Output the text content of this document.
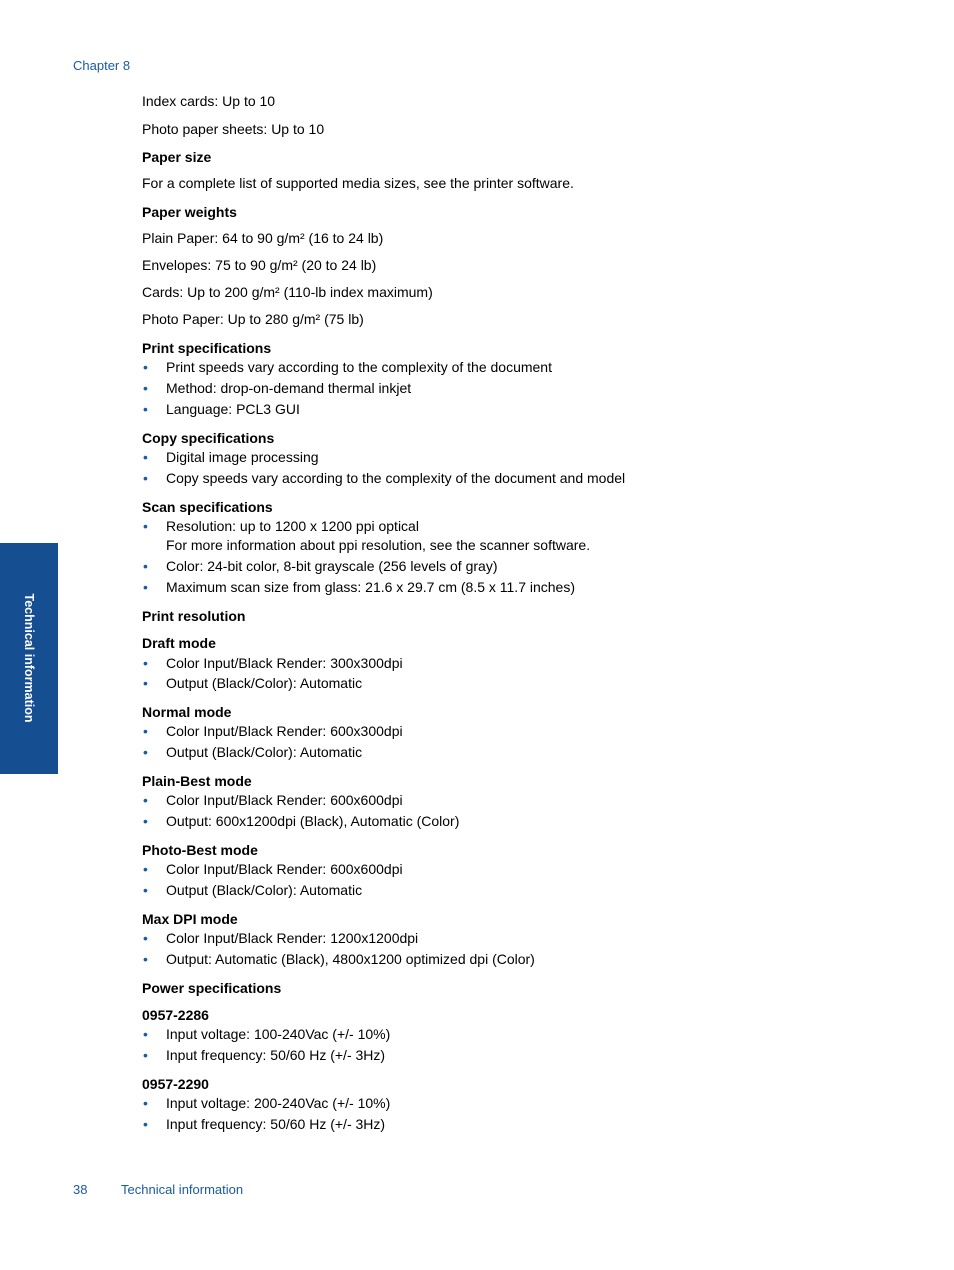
Chapter 8
Technical information
Index cards: Up to 10
Photo paper sheets: Up to 10
Paper size
For a complete list of supported media sizes, see the printer software.
Paper weights
Plain Paper: 64 to 90 g/m² (16 to 24 lb)
Envelopes: 75 to 90 g/m² (20 to 24 lb)
Cards: Up to 200 g/m² (110-lb index maximum)
Photo Paper: Up to 280 g/m² (75 lb)
Print specifications
Print speeds vary according to the complexity of the document
•
Method: drop-on-demand thermal inkjet
•
Language: PCL3 GUI
•
Copy specifications
Digital image processing
•
Copy speeds vary according to the complexity of the document and model
•
Scan specifications
Resolution: up to 1200 x 1200 ppi optical
•
For more information about ppi resolution, see the scanner software.
Color: 24-bit color, 8-bit grayscale (256 levels of gray)
•
Maximum scan size from glass: 21.6 x 29.7 cm (8.5 x 11.7 inches)
•
Print resolution
Draft mode
Color Input/Black Render: 300x300dpi
•
Output (Black/Color): Automatic
•
Normal mode
Color Input/Black Render: 600x300dpi
•
Output (Black/Color): Automatic
•
Plain-Best mode
Color Input/Black Render: 600x600dpi
•
Output: 600x1200dpi (Black), Automatic (Color)
•
Photo-Best mode
Color Input/Black Render: 600x600dpi
•
Output (Black/Color): Automatic
•
Max DPI mode
Color Input/Black Render: 1200x1200dpi
•
Output: Automatic (Black), 4800x1200 optimized dpi (Color)
•
Power specifications
0957-2286
Input voltage: 100-240Vac (+/- 10%)
•
Input frequency: 50/60 Hz (+/- 3Hz)
•
0957-2290
Input voltage: 200-240Vac (+/- 10%)
•
Input frequency: 50/60 Hz (+/- 3Hz)
•
38	Technical information
